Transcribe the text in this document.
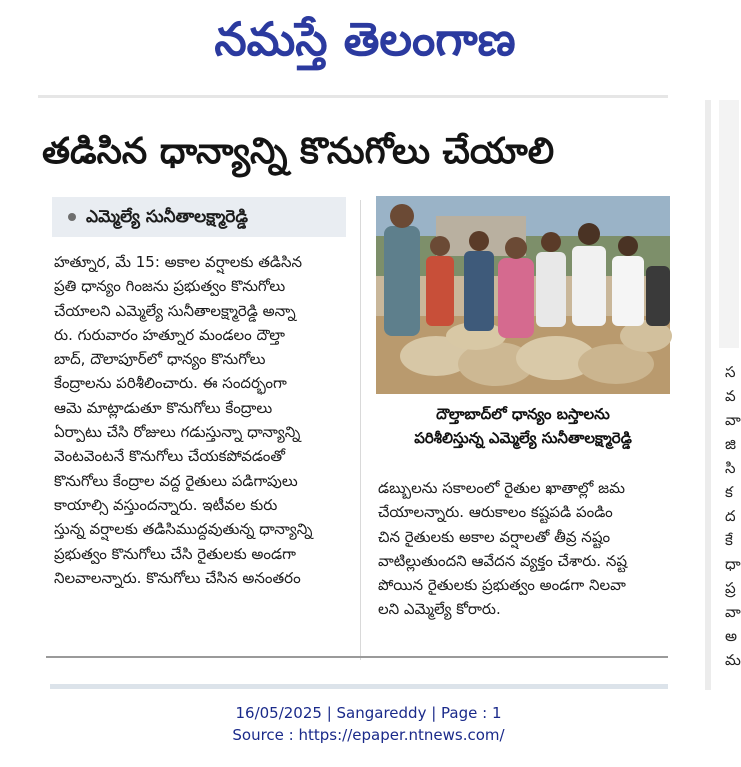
నమస్తే తెలంగాణ
తడిసిన ధాన్యాన్ని కొనుగోలు చేయాలి
ఎమ్మెల్యే సునీతాలక్ష్మారెడ్డి
హత్నూర, మే 15: అకాల వర్షాలకు తడిసిన
ప్రతి ధాన్యం గింజను ప్రభుత్వం కొనుగోలు
చేయాలని ఎమ్మెల్యే సునీతాలక్ష్మారెడ్డి అన్నా
రు. గురువారం హత్నూర మండలం దౌల్తా
బాద్, దౌలాపూర్‌లో ధాన్యం కొనుగోలు
కేంద్రాలను పరిశీలించారు. ఈ సందర్భంగా
ఆమె మాట్లాడుతూ కొనుగోలు కేంద్రాలు
ఏర్పాటు చేసి రోజులు గడుస్తున్నా ధాన్యాన్ని
వెంటవెంటనే కొనుగోలు చేయకపోవడంతో
కొనుగోలు కేంద్రాల వద్ద రైతులు పడిగాపులు
కాయాల్సి వస్తుందన్నారు. ఇటీవల కురు
స్తున్న వర్షాలకు తడిసిముద్దవుతున్న ధాన్యాన్ని
ప్రభుత్వం కొనుగోలు చేసి రైతులకు అండగా
నిలవాలన్నారు. కొనుగోలు చేసిన అనంతరం
దౌల్తాబాద్‌లో ధాన్యం బస్తాలను
పరిశీలిస్తున్న ఎమ్మెల్యే సునీతాలక్ష్మారెడ్డి
డబ్బులను సకాలంలో రైతుల ఖాతాల్లో జమ
చేయాలన్నారు. ఆరుకాలం కష్టపడి పండిం
చిన రైతులకు అకాల వర్షాలతో తీవ్ర నష్టం
వాటిల్లుతుందని ఆవేదన వ్యక్తం చేశారు. నష్ట
పోయిన రైతులకు ప్రభుత్వం అండగా నిలవా
లని ఎమ్మెల్యే కోరారు.
స
వ
వా
జి
సి
క
ద
కే
ధా
ప్ర
వా
అ
మ
16/05/2025 | Sangareddy | Page : 1
Source : https://epaper.ntnews.com/
